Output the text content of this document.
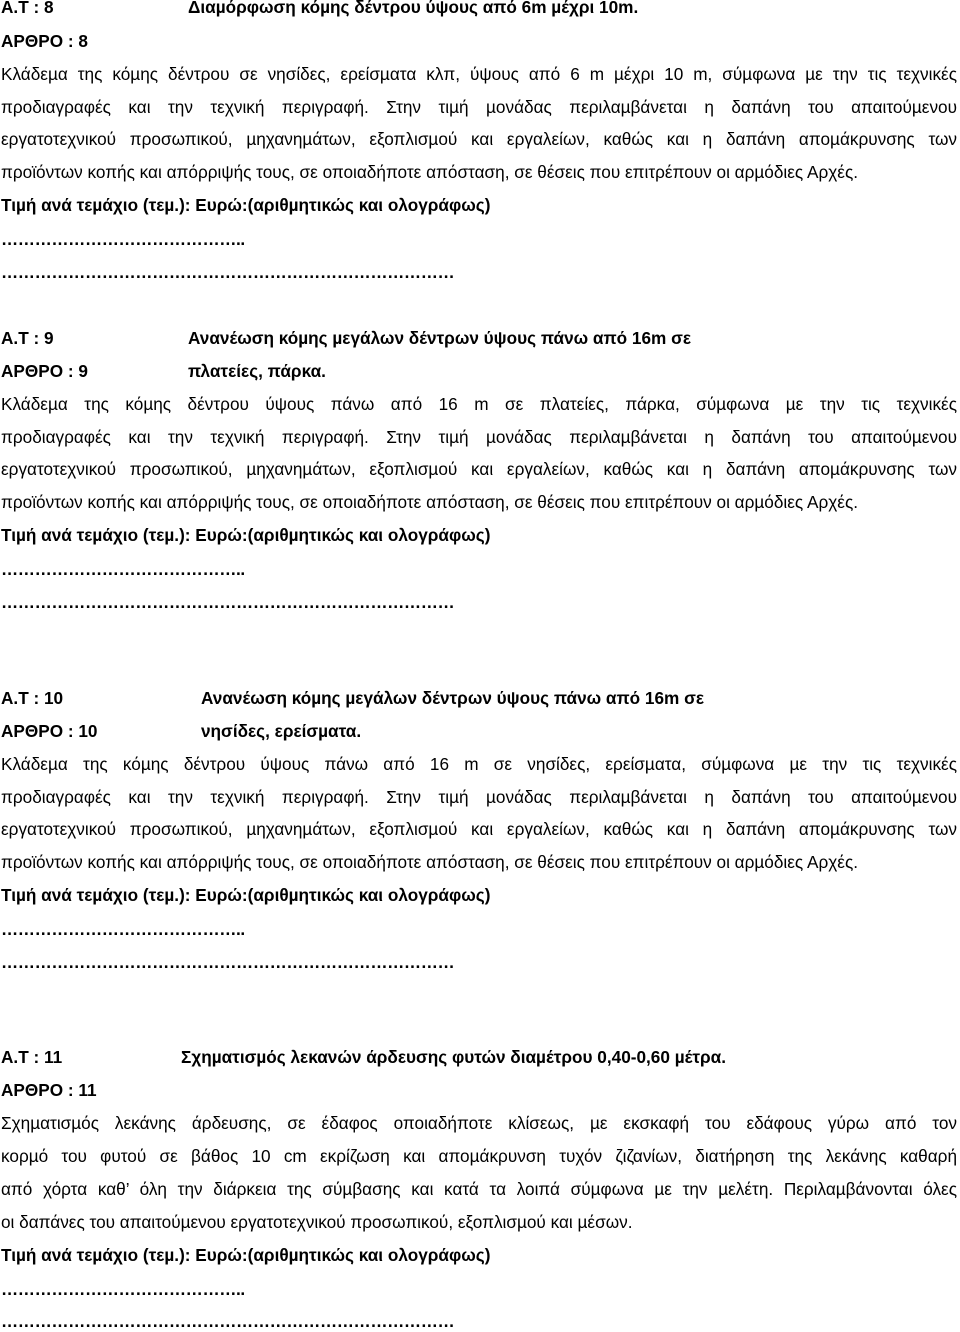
Α.Τ : 8	Διαµόρφωση κόµης δέντρου ύψους από 6m µέχρι 10m.
ΑΡΘΡΟ : 8
Κλάδεµα της κόµης δέντρου σε νησίδες, ερείσµατα κλπ, ύψους από 6 m µέχρι 10 m, σύµφωνα µε την τις τεχνικές
προδιαγραφές και την τεχνική περιγραφή. Στην τιµή µονάδας περιλαµβάνεται η δαπάνη του απαιτούµενου
εργατοτεχνικού προσωπικού, µηχανηµάτων, εξοπλισµού και εργαλείων, καθώς και η δαπάνη αποµάκρυνσης των
προϊόντων κοπής και απόρριψής τους, σε οποιαδήποτε απόσταση, σε θέσεις που επιτρέπουν οι αρµόδιες Αρχές.
Τιµή ανά τεµάχιο (τεµ.): Ευρώ:(αριθµητικώς και ολογράφως)
……………………………………..
………………………………………………………………………
Α.Τ : 9	Ανανέωση κόµης µεγάλων δέντρων ύψους πάνω από 16m σε
ΑΡΘΡΟ : 9	πλατείες, πάρκα.
Κλάδεµα της κόµης δέντρου ύψους πάνω από 16 m σε πλατείες, πάρκα, σύµφωνα µε την τις τεχνικές
προδιαγραφές και την τεχνική περιγραφή. Στην τιµή µονάδας περιλαµβάνεται η δαπάνη του απαιτούµενου
εργατοτεχνικού προσωπικού, µηχανηµάτων, εξοπλισµού και εργαλείων, καθώς και η δαπάνη αποµάκρυνσης των
προϊόντων κοπής και απόρριψής τους, σε οποιαδήποτε απόσταση, σε θέσεις που επιτρέπουν οι αρµόδιες Αρχές.
Τιµή ανά τεµάχιο (τεµ.): Ευρώ:(αριθµητικώς και ολογράφως)
……………………………………..
………………………………………………………………………
Α.Τ : 10	Ανανέωση κόµης µεγάλων δέντρων ύψους πάνω από 16m σε
ΑΡΘΡΟ : 10	νησίδες, ερείσµατα.
Κλάδεµα της κόµης δέντρου ύψους πάνω από 16 m σε νησίδες, ερείσµατα, σύµφωνα µε την τις τεχνικές
προδιαγραφές και την τεχνική περιγραφή. Στην τιµή µονάδας περιλαµβάνεται η δαπάνη του απαιτούµενου
εργατοτεχνικού προσωπικού, µηχανηµάτων, εξοπλισµού και εργαλείων, καθώς και η δαπάνη αποµάκρυνσης των
προϊόντων κοπής και απόρριψής τους, σε οποιαδήποτε απόσταση, σε θέσεις που επιτρέπουν οι αρµόδιες Αρχές.
Τιµή ανά τεµάχιο (τεµ.): Ευρώ:(αριθµητικώς και ολογράφως)
……………………………………..
………………………………………………………………………
Α.Τ : 11	Σχηµατισµός λεκανών άρδευσης φυτών διαµέτρου 0,40-0,60 µέτρα.
ΑΡΘΡΟ : 11
Σχηµατισµός λεκάνης άρδευσης, σε έδαφος οποιαδήποτε κλίσεως, µε εκσκαφή του εδάφους γύρω από τον
κορµό του φυτού σε βάθος 10 cm εκρίζωση και αποµάκρυνση τυχόν ζιζανίων, διατήρηση της λεκάνης καθαρή
από χόρτα καθ’ όλη την διάρκεια της σύµβασης και κατά τα λοιπά σύµφωνα µε την µελέτη. Περιλαµβάνονται όλες
οι δαπάνες του απαιτούµενου εργατοτεχνικού προσωπικού, εξοπλισµού και µέσων.
Τιµή ανά τεµάχιο (τεµ.): Ευρώ:(αριθµητικώς και ολογράφως)
……………………………………..
………………………………………………………………………
